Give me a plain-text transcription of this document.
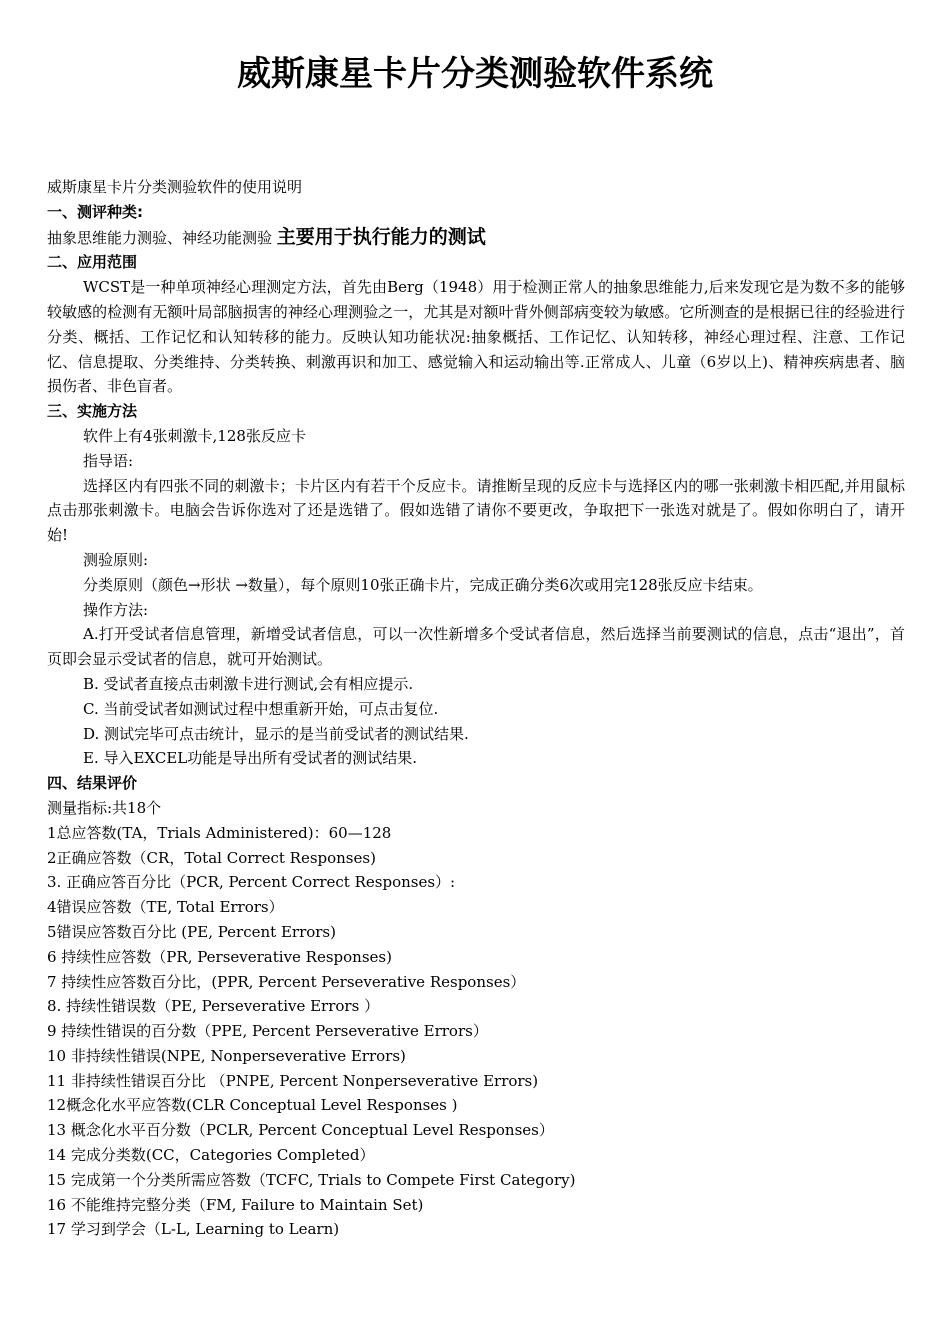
威斯康星卡片分类测验软件系统

威斯康星卡片分类测验软件的使用说明

一、测评种类:

抽象思维能力测验、神经功能测验 主要用于执行能力的测试

二、应用范围

WCST是一种单项神经心理测定方法，首先由Berg（1948）用于检测正常人的抽象思维能力,后来发现它是为数不多的能够较敏感的检测有无额叶局部脑损害的神经心理测验之一，尤其是对额叶背外侧部病变较为敏感。它所测查的是根据已往的经验进行分类、概括、工作记忆和认知转移的能力。反映认知功能状况:抽象概括、工作记忆、认知转移，神经心理过程、注意、工作记忆、信息提取、分类维持、分类转换、刺激再识和加工、感觉输入和运动输出等.正常成人、儿童（6岁以上)、精神疾病患者、脑损伤者、非色盲者。

三、实施方法

软件上有4张刺激卡,128张反应卡

指导语:

选择区内有四张不同的刺激卡；卡片区内有若干个反应卡。请推断呈现的反应卡与选择区内的哪一张刺激卡相匹配,并用鼠标点击那张刺激卡。电脑会告诉你选对了还是选错了。假如选错了请你不要更改，争取把下一张选对就是了。假如你明白了，请开始!

测验原则:

分类原则（颜色→形状 →数量），每个原则10张正确卡片，完成正确分类6次或用完128张反应卡结束。

操作方法:

A.打开受试者信息管理，新增受试者信息，可以一次性新增多个受试者信息，然后选择当前要测试的信息，点击“退出”，首页即会显示受试者的信息，就可开始测试。

B. 受试者直接点击刺激卡进行测试,会有相应提示.

C. 当前受试者如测试过程中想重新开始，可点击复位.

D. 测试完毕可点击统计，显示的是当前受试者的测试结果.

E. 导入EXCEL功能是导出所有受试者的测试结果.

四、结果评价

测量指标:共18个

1总应答数(TA，Trials Administered)：60—128

2正确应答数（CR，Total Correct Responses)

3. 正确应答百分比（PCR, Percent Correct Responses）:

4错误应答数（TE, Total Errors）

5错误应答数百分比 (PE, Percent Errors)

6 持续性应答数（PR, Perseverative Responses)

7 持续性应答数百分比，(PPR, Percent Perseverative Responses）

8. 持续性错误数（PE, Perseverative Errors ）

9 持续性错误的百分数（PPE, Percent Perseverative Errors）

10 非持续性错误(NPE, Nonperseverative Errors)

11 非持续性错误百分比 （PNPE, Percent Nonperseverative Errors)

12概念化水平应答数(CLR Conceptual Level Responses )

13 概念化水平百分数（PCLR, Percent Conceptual Level Responses）

14 完成分类数(CC，Categories Completed）

15 完成第一个分类所需应答数（TCFC, Trials to Compete First Category)

16 不能维持完整分类（FM, Failure to Maintain Set)

17 学习到学会（L-L, Learning to Learn)
